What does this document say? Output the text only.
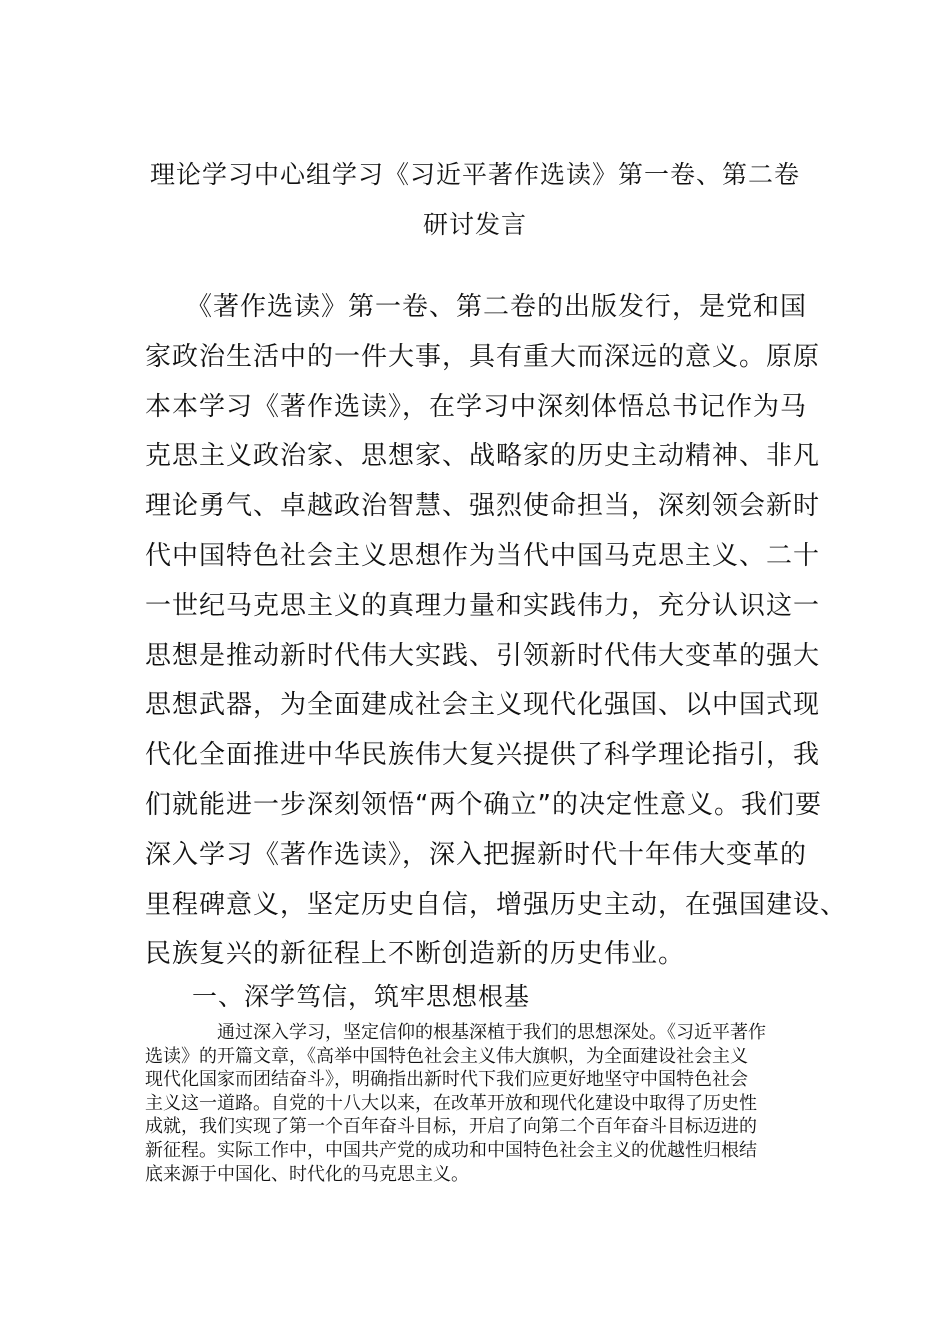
理论学习中心组学习《习近平著作选读》第一卷、第二卷
研讨发言
　　《著作选读》第一卷、第二卷的出版发行，是党和国
家政治生活中的一件大事，具有重大而深远的意义。原原
本本学习《著作选读》，在学习中深刻体悟总书记作为马
克思主义政治家、思想家、战略家的历史主动精神、非凡
理论勇气、卓越政治智慧、强烈使命担当，深刻领会新时
代中国特色社会主义思想作为当代中国马克思主义、二十
一世纪马克思主义的真理力量和实践伟力，充分认识这一
思想是推动新时代伟大实践、引领新时代伟大变革的强大
思想武器，为全面建成社会主义现代化强国、以中国式现
代化全面推进中华民族伟大复兴提供了科学理论指引，我
们就能进一步深刻领悟“两个确立”的决定性意义。我们要
深入学习《著作选读》，深入把握新时代十年伟大变革的
里程碑意义，坚定历史自信，增强历史主动，在强国建设、
民族复兴的新征程上不断创造新的历史伟业。
一、深学笃信，筑牢思想根基
　　　　通过深入学习，坚定信仰的根基深植于我们的思想深处。《习近平著作
选读》的开篇文章，《高举中国特色社会主义伟大旗帜，为全面建设社会主义
现代化国家而团结奋斗》，明确指出新时代下我们应更好地坚守中国特色社会
主义这一道路。自党的十八大以来，在改革开放和现代化建设中取得了历史性
成就，我们实现了第一个百年奋斗目标，开启了向第二个百年奋斗目标迈进的
新征程。实际工作中，中国共产党的成功和中国特色社会主义的优越性归根结
底来源于中国化、时代化的马克思主义。
